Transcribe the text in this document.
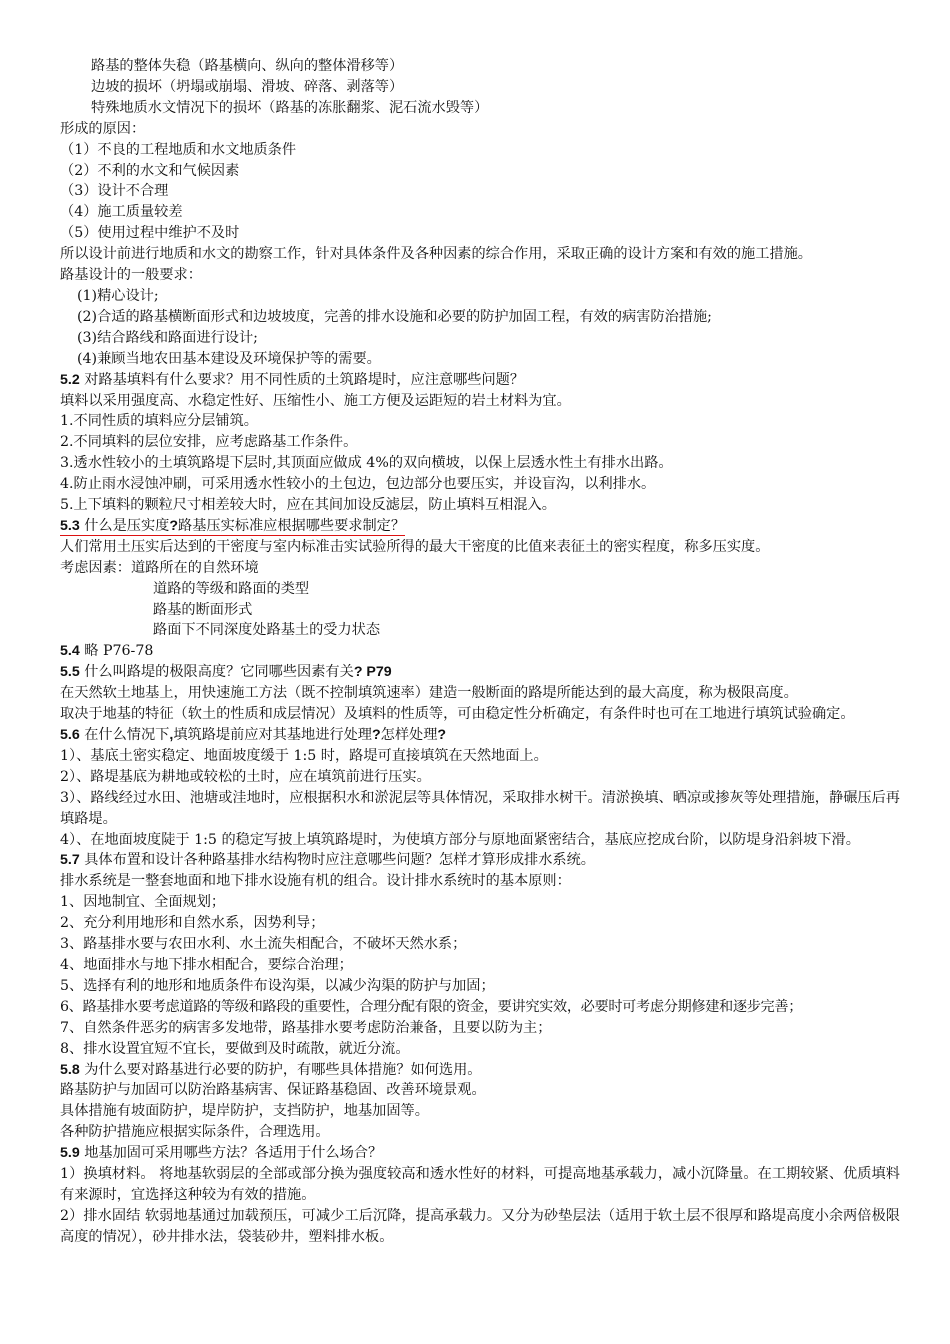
路基的整体失稳（路基横向、纵向的整体滑移等）
边坡的损坏（坍塌或崩塌、滑坡、碎落、剥落等）
特殊地质水文情况下的损坏（路基的冻胀翻浆、泥石流水毁等）
形成的原因：
（1）不良的工程地质和水文地质条件
（2）不利的水文和气候因素
（3）设计不合理
（4）施工质量较差
（5）使用过程中维护不及时
所以设计前进行地质和水文的勘察工作，针对具体条件及各种因素的综合作用，采取正确的设计方案和有效的施工措施。
路基设计的一般要求：
(1)精心设计;
(2)合适的路基横断面形式和边坡坡度，完善的排水设施和必要的防护加固工程，有效的病害防治措施;
(3)结合路线和路面进行设计;
(4)兼顾当地农田基本建设及环境保护等的需要。
5.2 对路基填料有什么要求？用不同性质的土筑路堤时，应注意哪些问题？
填料以采用强度高、水稳定性好、压缩性小、施工方便及运距短的岩土材料为宜。
1.不同性质的填料应分层铺筑。
2.不同填料的层位安排，应考虑路基工作条件。
3.透水性较小的土填筑路堤下层时,其顶面应做成 4%的双向横坡，以保上层透水性土有排水出路。
4.防止雨水浸蚀冲刷，可采用透水性较小的土包边，包边部分也要压实，并设盲沟，以利排水。
5.上下填料的颗粒尺寸相差较大时，应在其间加设反滤层，防止填料互相混入。
5.3 什么是压实度?路基压实标准应根据哪些要求制定？
人们常用土压实后达到的干密度与室内标准击实试验所得的最大干密度的比值来表征土的密实程度，称多压实度。
考虑因素：道路所在的自然环境
道路的等级和路面的类型
路基的断面形式
路面下不同深度处路基土的受力状态
5.4 略 P76-78
5.5 什么叫路堤的极限高度？它同哪些因素有关? P79
在天然软土地基上，用快速施工方法（既不控制填筑速率）建造一般断面的路堤所能达到的最大高度，称为极限高度。
取决于地基的特征（软土的性质和成层情况）及填料的性质等，可由稳定性分析确定，有条件时也可在工地进行填筑试验确定。
5.6 在什么情况下,填筑路堤前应对其基地进行处理?怎样处理?
1）、基底土密实稳定、地面坡度缓于 1:5 时，路堤可直接填筑在天然地面上。
2）、路堤基底为耕地或较松的土时，应在填筑前进行压实。
3）、路线经过水田、池塘或洼地时，应根据积水和淤泥层等具体情况，采取排水树干。清淤换填、晒凉或掺灰等处理措施，静碾压后再填路堤。
4）、在地面坡度陡于 1:5 的稳定写披上填筑路堤时，为使填方部分与原地面紧密结合，基底应挖成台阶，以防堤身沿斜坡下滑。
5.7 具体布置和设计各种路基排水结构物时应注意哪些问题？怎样才算形成排水系统。
排水系统是一整套地面和地下排水设施有机的组合。设计排水系统时的基本原则：
1、因地制宜、全面规划；
2、充分利用地形和自然水系，因势利导；
3、路基排水要与农田水利、水土流失相配合，不破坏天然水系；
4、地面排水与地下排水相配合，要综合治理；
5、选择有利的地形和地质条件布设沟渠，以减少沟渠的防护与加固；
6、路基排水要考虑道路的等级和路段的重要性，合理分配有限的资金，要讲究实效，必要时可考虑分期修建和逐步完善；
7、自然条件恶劣的病害多发地带，路基排水要考虑防治兼备，且要以防为主；
8、排水设置宜短不宜长，要做到及时疏散，就近分流。
5.8 为什么要对路基进行必要的防护，有哪些具体措施？如何选用。
路基防护与加固可以防治路基病害、保证路基稳固、改善环境景观。
具体措施有坡面防护，堤岸防护，支挡防护，地基加固等。
各种防护措施应根据实际条件，合理选用。
5.9 地基加固可采用哪些方法？各适用于什么场合？
1）换填材料。 将地基软弱层的全部或部分换为强度较高和透水性好的材料，可提高地基承载力，减小沉降量。在工期较紧、优质填料有来源时，宜选择这种较为有效的措施。
2）排水固结 软弱地基通过加载预压，可减少工后沉降，提高承载力。又分为砂垫层法（适用于软土层不很厚和路堤高度小余两倍极限高度的情况），砂井排水法，袋装砂井，塑料排水板。
